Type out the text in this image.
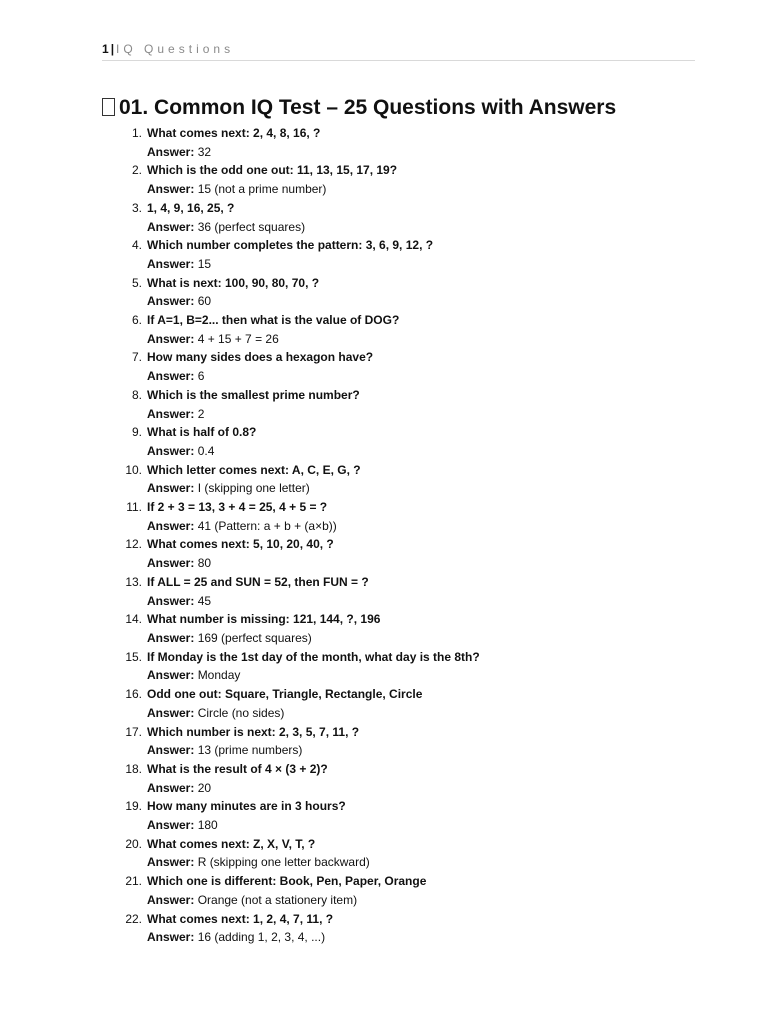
1 | IQ Questions
01. Common IQ Test – 25 Questions with Answers
1. What comes next: 2, 4, 8, 16, ?
Answer: 32
2. Which is the odd one out: 11, 13, 15, 17, 19?
Answer: 15 (not a prime number)
3. 1, 4, 9, 16, 25, ?
Answer: 36 (perfect squares)
4. Which number completes the pattern: 3, 6, 9, 12, ?
Answer: 15
5. What is next: 100, 90, 80, 70, ?
Answer: 60
6. If A=1, B=2... then what is the value of DOG?
Answer: 4 + 15 + 7 = 26
7. How many sides does a hexagon have?
Answer: 6
8. Which is the smallest prime number?
Answer: 2
9. What is half of 0.8?
Answer: 0.4
10. Which letter comes next: A, C, E, G, ?
Answer: I (skipping one letter)
11. If 2 + 3 = 13, 3 + 4 = 25, 4 + 5 = ?
Answer: 41 (Pattern: a + b + (a×b))
12. What comes next: 5, 10, 20, 40, ?
Answer: 80
13. If ALL = 25 and SUN = 52, then FUN = ?
Answer: 45
14. What number is missing: 121, 144, ?, 196
Answer: 169 (perfect squares)
15. If Monday is the 1st day of the month, what day is the 8th?
Answer: Monday
16. Odd one out: Square, Triangle, Rectangle, Circle
Answer: Circle (no sides)
17. Which number is next: 2, 3, 5, 7, 11, ?
Answer: 13 (prime numbers)
18. What is the result of 4 × (3 + 2)?
Answer: 20
19. How many minutes are in 3 hours?
Answer: 180
20. What comes next: Z, X, V, T, ?
Answer: R (skipping one letter backward)
21. Which one is different: Book, Pen, Paper, Orange
Answer: Orange (not a stationery item)
22. What comes next: 1, 2, 4, 7, 11, ?
Answer: 16 (adding 1, 2, 3, 4, ...)
